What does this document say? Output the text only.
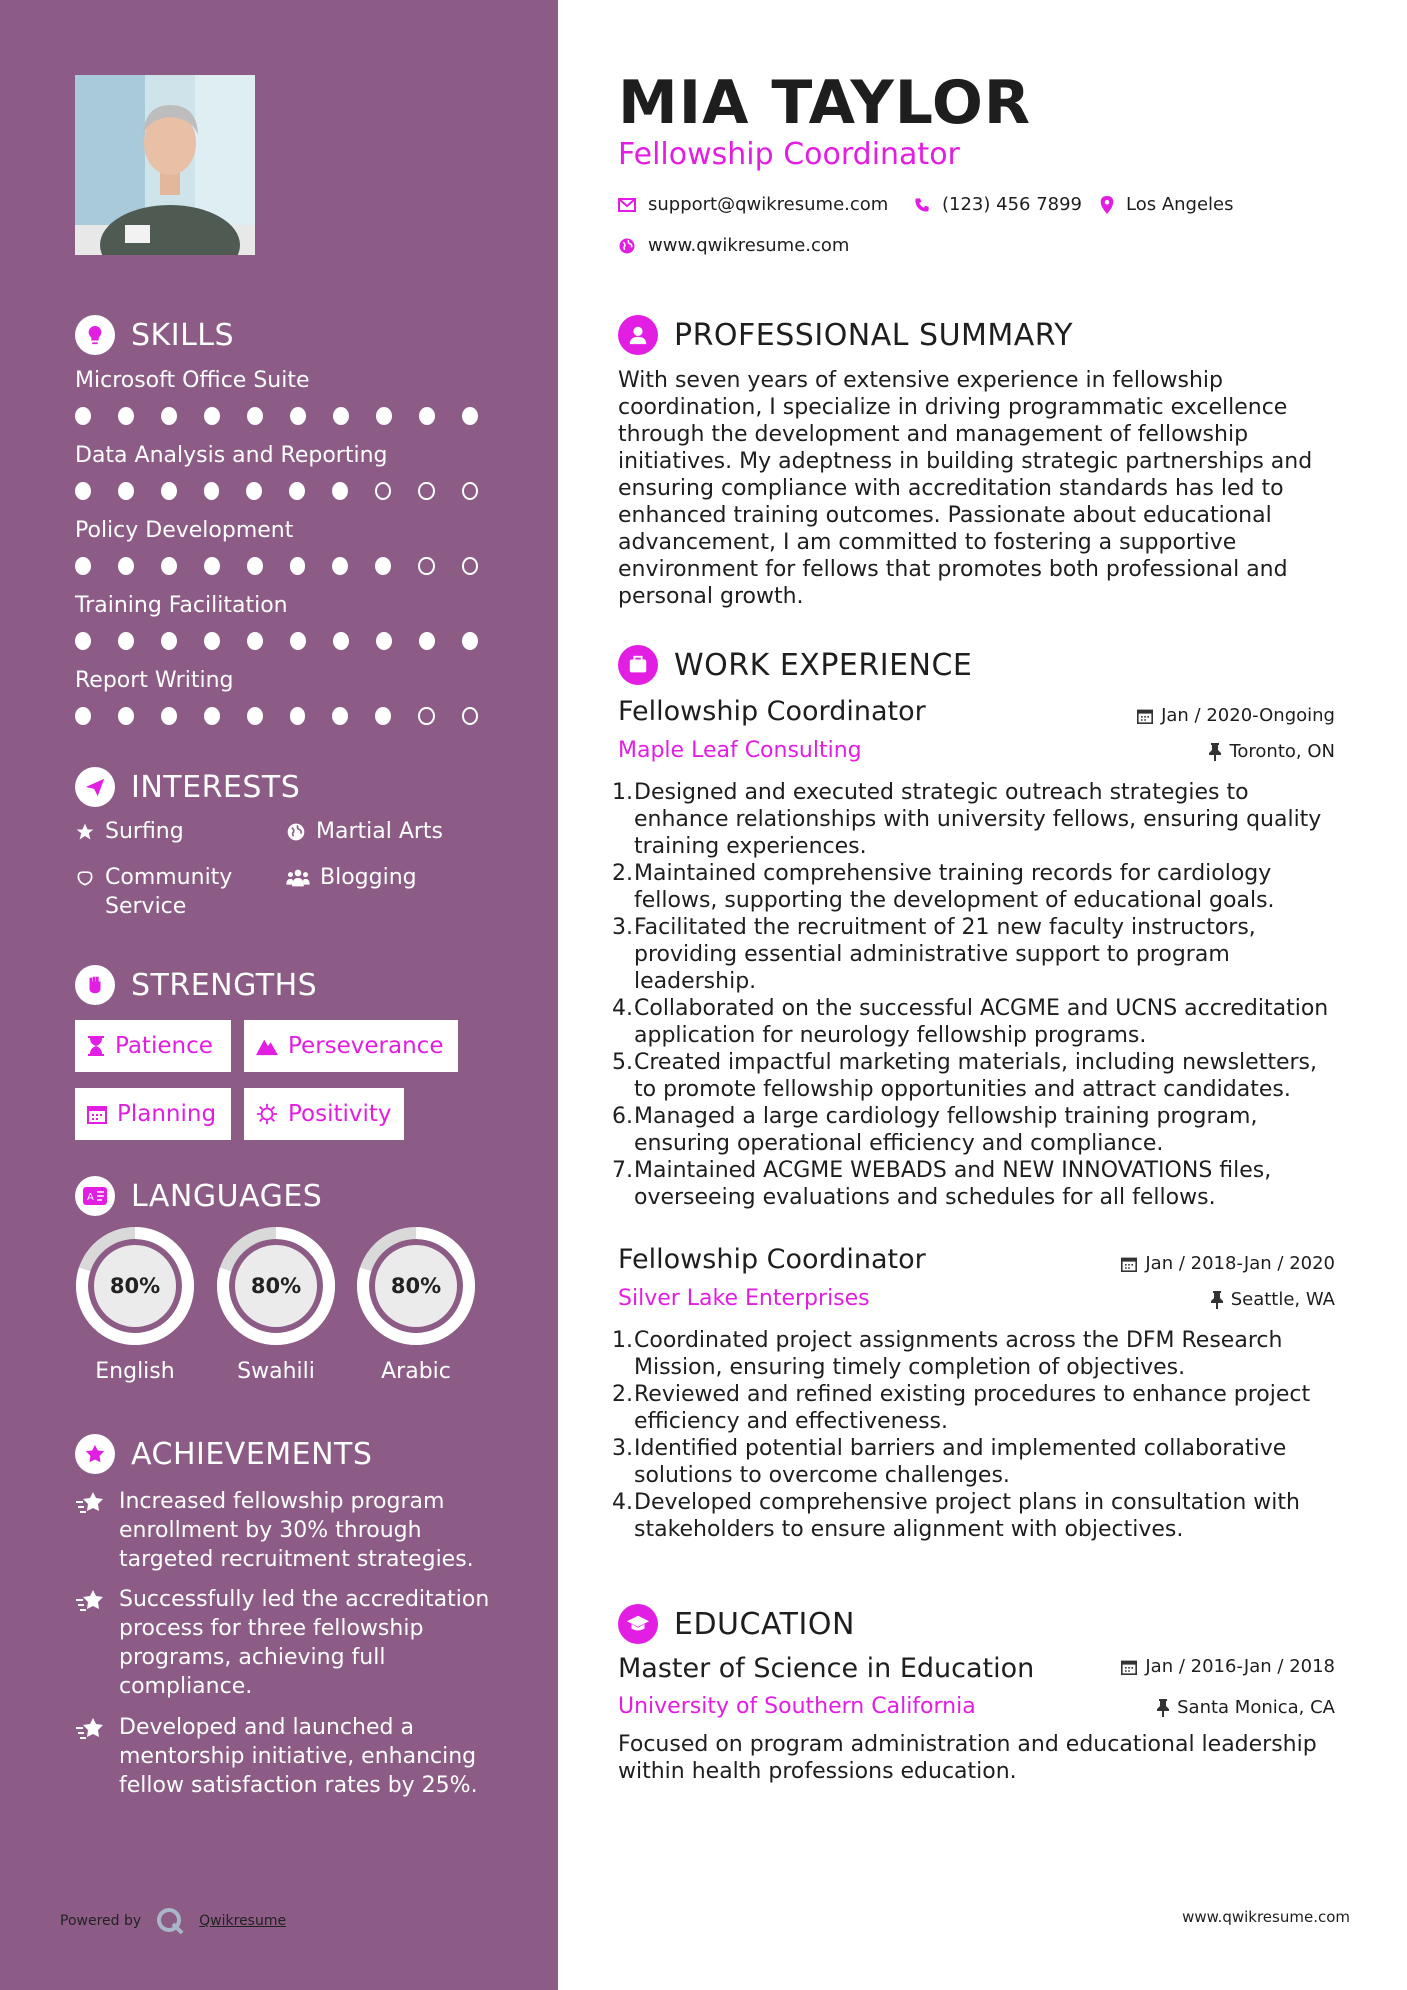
SKILLS
Microsoft Office Suite
Data Analysis and Reporting
Policy Development
Training Facilitation
Report Writing
INTERESTS
Surfing	Martial Arts
Community Service
Blogging
STRENGTHS
Patience	Perseverance
Planning	Positivity
A LANGUAGES
80%
English
80%
Swahili
80%
Arabic
ACHIEVEMENTS
Increased fellowship program enrollment by 30% through targeted recruitment strategies.
Successfully led the accreditation process for three fellowship programs, achieving full compliance.
Developed and launched a mentorship initiative, enhancing fellow satisfaction rates by 25%.
Powered by	Qwikresume
MIA TAYLOR
Fellowship Coordinator
support@qwikresume.com	(123) 456 7899 Los Angeles
www.qwikresume.com
PROFESSIONAL SUMMARY
With seven years of extensive experience in fellowship coordination, I specialize in driving programmatic excellence through the development and management of fellowship initiatives. My adeptness in building strategic partnerships and ensuring compliance with accreditation standards has led to enhanced training outcomes. Passionate about educational advancement, I am committed to fostering a supportive environment for fellows that promotes both professional and personal growth.
WORK EXPERIENCE
Fellowship Coordinator	Jan / 2020-Ongoing
Maple Leaf Consulting	Toronto, ON
1. Designed and executed strategic outreach strategies to enhance relationships with university fellows, ensuring quality training experiences.
2. Maintained comprehensive training records for cardiology fellows, supporting the development of educational goals.
3. Facilitated the recruitment of 21 new faculty instructors, providing essential administrative support to program leadership.
4. Collaborated on the successful ACGME and UCNS accreditation application for neurology fellowship programs.
5. Created impactful marketing materials, including newsletters, to promote fellowship opportunities and attract candidates.
6. Managed a large cardiology fellowship training program, ensuring operational efficiency and compliance.
7. Maintained ACGME WEBADS and NEW INNOVATIONS files, overseeing evaluations and schedules for all fellows.
Fellowship Coordinator	Jan / 2018-Jan / 2020
Silver Lake Enterprises	Seattle, WA
1. Coordinated project assignments across the DFM Research Mission, ensuring timely completion of objectives.
2. Reviewed and refined existing procedures to enhance project efficiency and effectiveness.
3. Identified potential barriers and implemented collaborative solutions to overcome challenges.
4. Developed comprehensive project plans in consultation with stakeholders to ensure alignment with objectives.
EDUCATION
Master of Science in Education	Jan / 2016-Jan / 2018
University of Southern California	Santa Monica, CA
Focused on program administration and educational leadership within health professions education.
www.qwikresume.com
